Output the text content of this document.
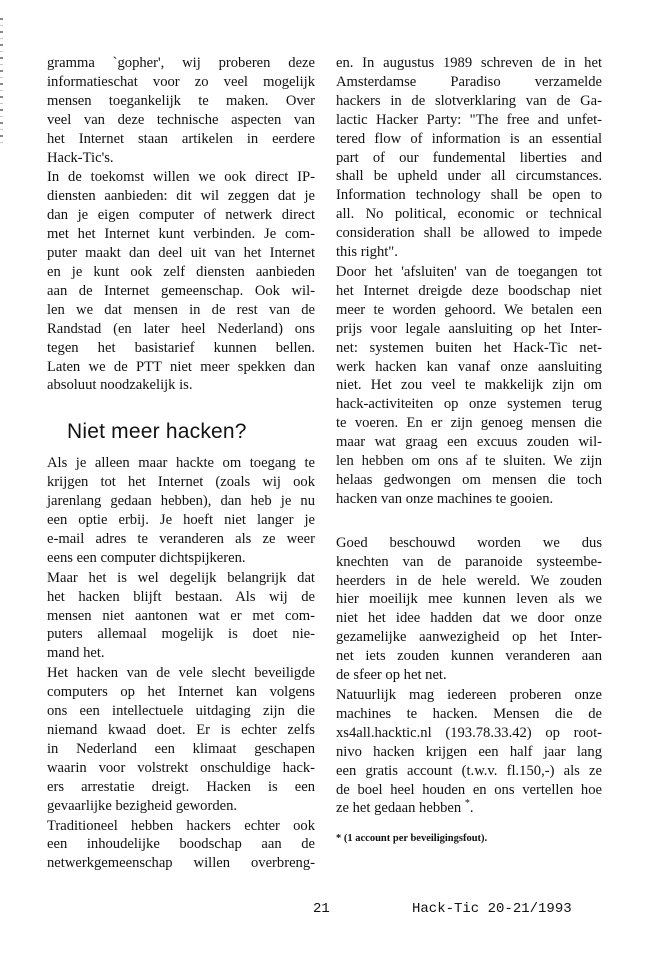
gramma `gopher', wij proberen deze
informatieschat voor zo veel mogelijk
mensen toegankelijk te maken. Over
veel van deze technische aspecten van
het Internet staan artikelen in eerdere
Hack-Tic's.

In de toekomst willen we ook direct IP-
diensten aanbieden: dit wil zeggen dat je
dan je eigen computer of netwerk direct
met het Internet kunt verbinden. Je com-
puter maakt dan deel uit van het Internet
en je kunt ook zelf diensten aanbieden
aan de Internet gemeenschap. Ook wil-
len we dat mensen in de rest van de
Randstad (en later heel Nederland) ons
tegen het basistarief kunnen bellen.
Laten we de PTT niet meer spekken dan
absoluut noodzakelijk is.

Niet meer hacken?

Als je alleen maar hackte om toegang te
krijgen tot het Internet (zoals wij ook
jarenlang gedaan hebben), dan heb je nu
een optie erbij. Je hoeft niet langer je
e-mail adres te veranderen als ze weer
eens een computer dichtspijkeren.

Maar het is wel degelijk belangrijk dat
het hacken blijft bestaan. Als wij de
mensen niet aantonen wat er met com-
puters allemaal mogelijk is doet nie-
mand het.

Het hacken van de vele slecht beveiligde
computers op het Internet kan volgens
ons een intellectuele uitdaging zijn die
niemand kwaad doet. Er is echter zelfs
in Nederland een klimaat geschapen
waarin voor volstrekt onschuldige hack-
ers arrestatie dreigt. Hacken is een
gevaarlijke bezigheid geworden.

Traditioneel hebben hackers echter ook
een inhoudelijke boodschap aan de
netwerkgemeenschap willen overbreng-

en. In augustus 1989 schreven de in het
Amsterdamse Paradiso verzamelde
hackers in de slotverklaring van de Ga-
lactic Hacker Party: "The free and unfet-
tered flow of information is an essential
part of our fundemental liberties and
shall be upheld under all circumstances.
Information technology shall be open to
all. No political, economic or technical
consideration shall be allowed to impede
this right".

Door het 'afsluiten' van de toegangen tot
het Internet dreigde deze boodschap niet
meer te worden gehoord. We betalen een
prijs voor legale aansluiting op het Inter-
net: systemen buiten het Hack-Tic net-
werk hacken kan vanaf onze aansluiting
niet. Het zou veel te makkelijk zijn om
hack-activiteiten op onze systemen terug
te voeren. En er zijn genoeg mensen die
maar wat graag een excuus zouden wil-
len hebben om ons af te sluiten. We zijn
helaas gedwongen om mensen die toch
hacken van onze machines te gooien.

Goed beschouwd worden we dus
knechten van de paranoide systeembe-
heerders in de hele wereld. We zouden
hier moeilijk mee kunnen leven als we
niet het idee hadden dat we door onze
gezamelijke aanwezigheid op het Inter-
net iets zouden kunnen veranderen aan
de sfeer op het net.

Natuurlijk mag iedereen proberen onze
machines te hacken. Mensen die de
xs4all.hacktic.nl (193.78.33.42) op root-
nivo hacken krijgen een half jaar lang
een gratis account (t.w.v. fl.150,-) als ze
de boel heel houden en ons vertellen hoe
ze het gedaan hebben *.

* (1 account per beveiligingsfout).
21	Hack-Tic 20-21/1993
